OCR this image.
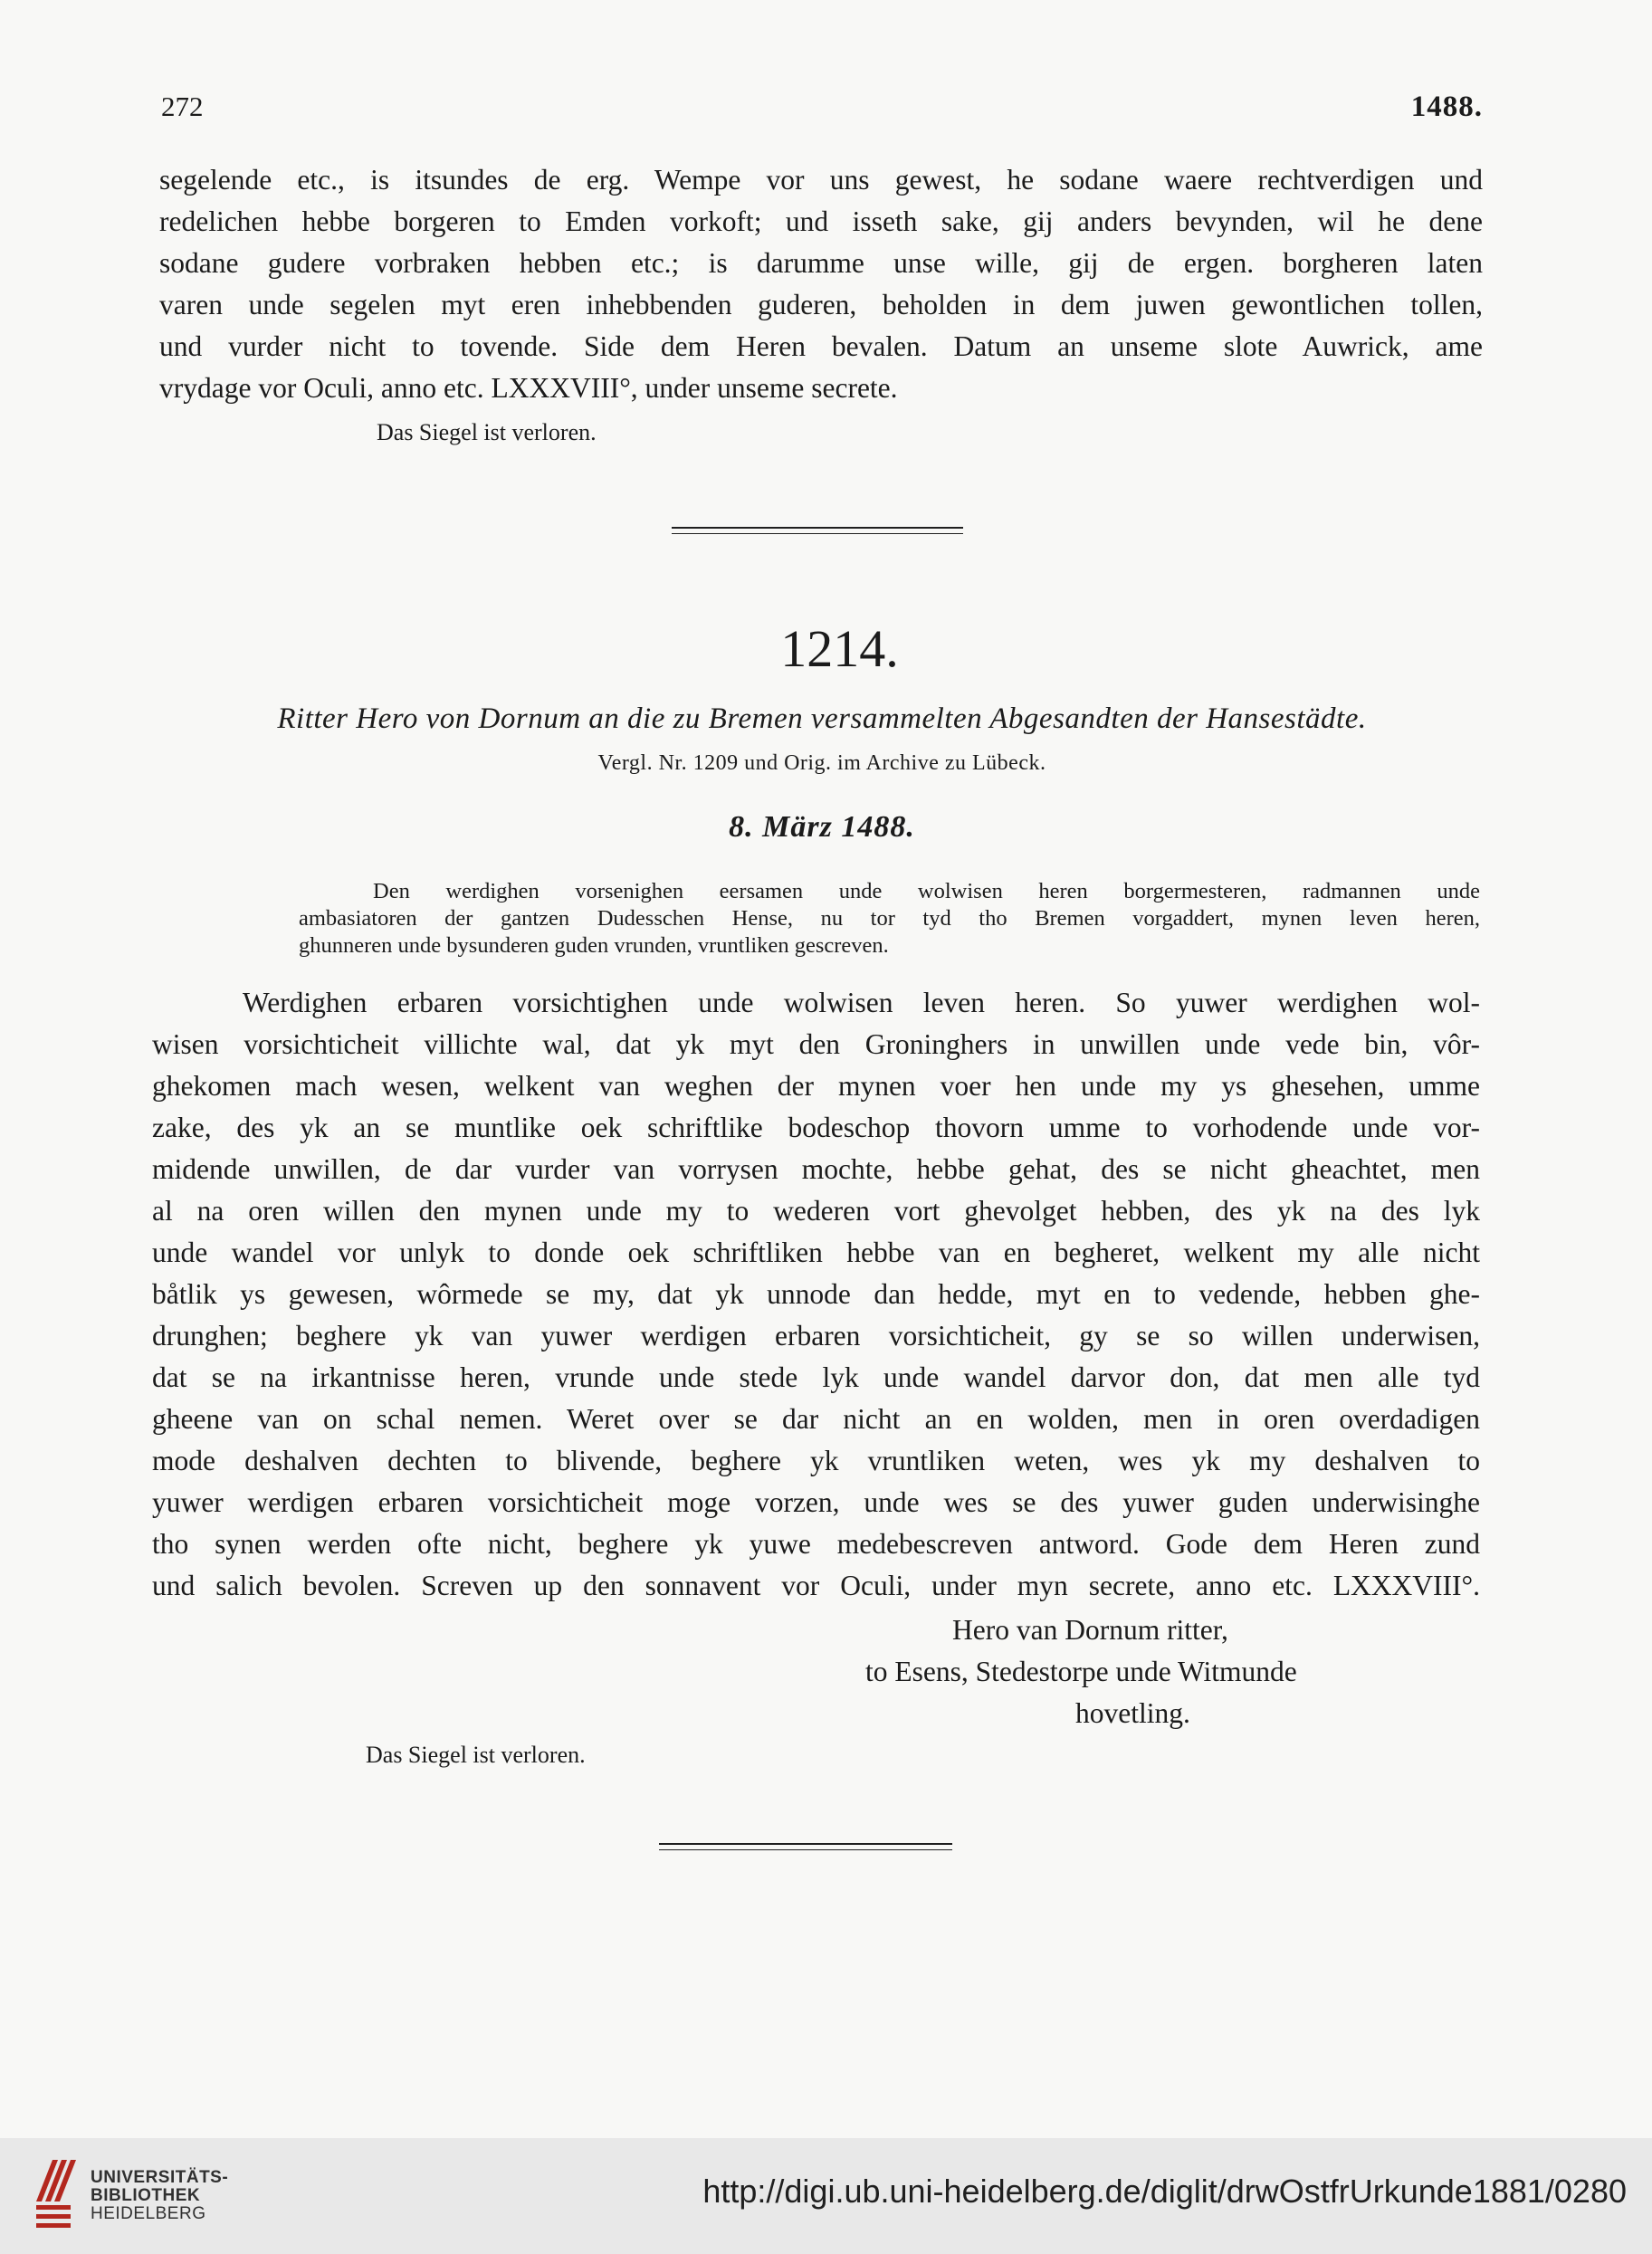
272	1488.

segelende etc., is itsundes de erg. Wempe vor uns gewest, he sodane waere rechtverdigen und

redelichen hebbe borgeren to Emden vorkoft; und isseth sake, gij anders bevynden, wil he dene

sodane gudere vorbraken hebben etc.; is darumme unse wille, gij de ergen. borgheren laten

varen unde segelen myt eren inhebbenden guderen, beholden in dem juwen gewontlichen tollen,

und vurder nicht to tovende. Side dem Heren bevalen. Datum an unseme slote Auwrick, ame

vrydage vor Oculi, anno etc. LXXXVIII°, under unseme secrete.

Das Siegel ist verloren.

1214.
Ritter Hero von Dornum an die zu Bremen versammelten Abgesandten der Hansestädte.
Vergl. Nr. 1209 und Orig. im Archive zu Lübeck.
8. März 1488.
Den werdighen vorsenighen eersamen unde wolwisen heren borgermesteren, radmannen unde
ambasiatoren der gantzen Dudesschen Hense, nu tor tyd tho Bremen vorgaddert, mynen leven heren,
ghunneren unde bysunderen guden vrunden, vruntliken gescreven.

Werdighen erbaren vorsichtighen unde wolwisen leven heren. So yuwer werdighen wol-

wisen vorsichticheit villichte wal, dat yk myt den Groninghers in unwillen unde vede bin, vôr-

ghekomen mach wesen, welkent van weghen der mynen voer hen unde my ys ghesehen, umme

zake, des yk an se muntlike oek schriftlike bodeschop thovorn umme to vorhodende unde vor-

midende unwillen, de dar vurder van vorrysen mochte, hebbe gehat, des se nicht gheachtet, men

al na oren willen den mynen unde my to wederen vort ghevolget hebben, des yk na des lyk

unde wandel vor unlyk to donde oek schriftliken hebbe van en begheret, welkent my alle nicht

båtlik ys gewesen, wôrmede se my, dat yk unnode dan hedde, myt en to vedende, hebben ghe-

drunghen; beghere yk van yuwer werdigen erbaren vorsichticheit, gy se so willen underwisen,

dat se na irkantnisse heren, vrunde unde stede lyk unde wandel darvor don, dat men alle tyd

gheene van on schal nemen. Weret over se dar nicht an en wolden, men in oren overdadigen

mode deshalven dechten to blivende, beghere yk vruntliken weten, wes yk my deshalven to

yuwer werdigen erbaren vorsichticheit moge vorzen, unde wes se des yuwer guden underwisinghe

tho synen werden ofte nicht, beghere yk yuwe medebescreven antword. Gode dem Heren zund

und salich bevolen. Screven up den sonnavent vor Oculi, under myn secrete, anno etc. LXXXVIII°.

Hero van Dornum ritter,

to Esens, Stedestorpe unde Witmunde

hovetling.

Das Siegel ist verloren.

UNIVERSITÄTS-
BIBLIOTHEK
HEIDELBERG
http://digi.ub.uni-heidelberg.de/diglit/drwOstfrUrkunde1881/0280
